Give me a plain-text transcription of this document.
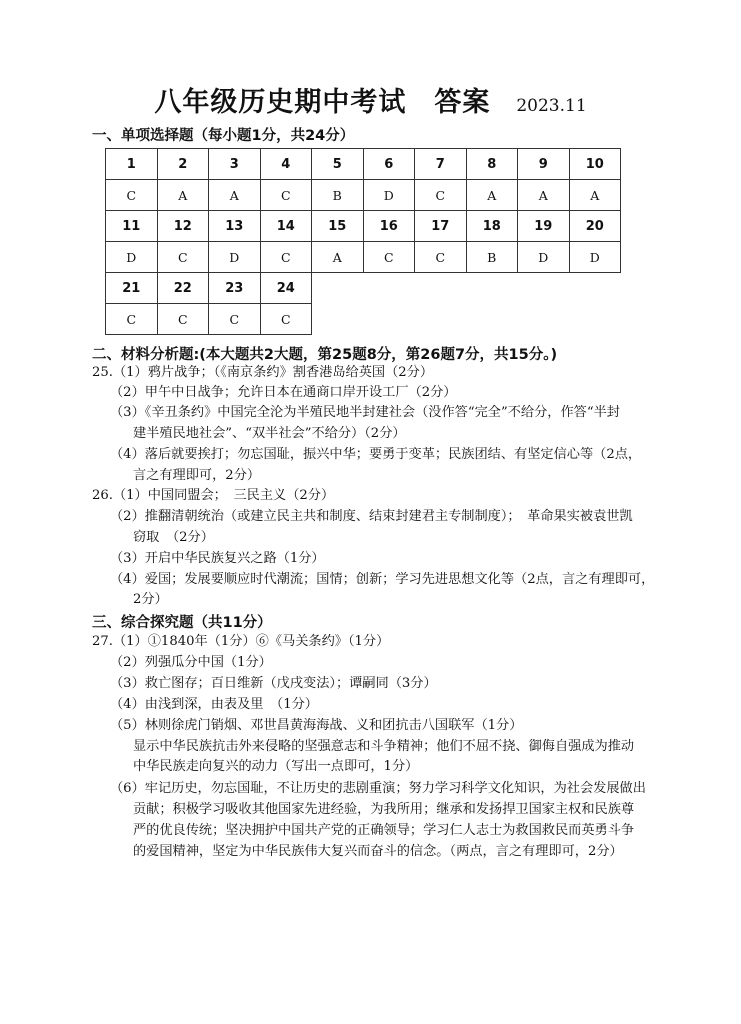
八年级历史期中考试　答案 2023.11
一、单项选择题（每小题1分，共24分）
1	2	3	4	5	6	7	8	9	10
C	A	A	C	B	D	C	A	A	A
11	12	13	14	15	16	17	18	19	20
D	C	D	C	A	C	C	B	D	D
21	22	23	24						
C	C	C	C						
二、材料分析题:(本大题共2大题，第25题8分，第26题7分，共15分。)
25.（1）鸦片战争；（《南京条约》割香港岛给英国（2分）
（2）甲午中日战争；允许日本在通商口岸开设工厂（2分）
（3）《辛丑条约》中国完全沦为半殖民地半封建社会（没作答“完全”不给分，作答“半封
建半殖民地社会”、“双半社会”不给分）（2分）
（4）落后就要挨打；勿忘国耻，振兴中华；要勇于变革；民族团结、有坚定信心等（2点，
言之有理即可，2分）
26.（1）中国同盟会；　三民主义（2分）
（2）推翻清朝统治（或建立民主共和制度、结束封建君主专制制度）；　革命果实被袁世凯
窃取　（2分）
（3）开启中华民族复兴之路（1分）
（4）爱国；发展要顺应时代潮流；国情；创新；学习先进思想文化等（2点，言之有理即可，
2分）
三、综合探究题（共11分）
27.（1）①1840年（1分）⑥《马关条约》（1分）
（2）列强瓜分中国（1分）
（3）救亡图存；百日维新（戊戌变法）；谭嗣同（3分）
（4）由浅到深，由表及里　（1分）
（5）林则徐虎门销烟、邓世昌黄海海战、义和团抗击八国联军（1分）
显示中华民族抗击外来侵略的坚强意志和斗争精神；他们不屈不挠、御侮自强成为推动
中华民族走向复兴的动力（写出一点即可，1分）
（6）牢记历史，勿忘国耻，不让历史的悲剧重演；努力学习科学文化知识，为社会发展做出
贡献；积极学习吸收其他国家先进经验，为我所用；继承和发扬捍卫国家主权和民族尊
严的优良传统；坚决拥护中国共产党的正确领导；学习仁人志士为救国救民而英勇斗争
的爱国精神，坚定为中华民族伟大复兴而奋斗的信念。（两点，言之有理即可，2分）
